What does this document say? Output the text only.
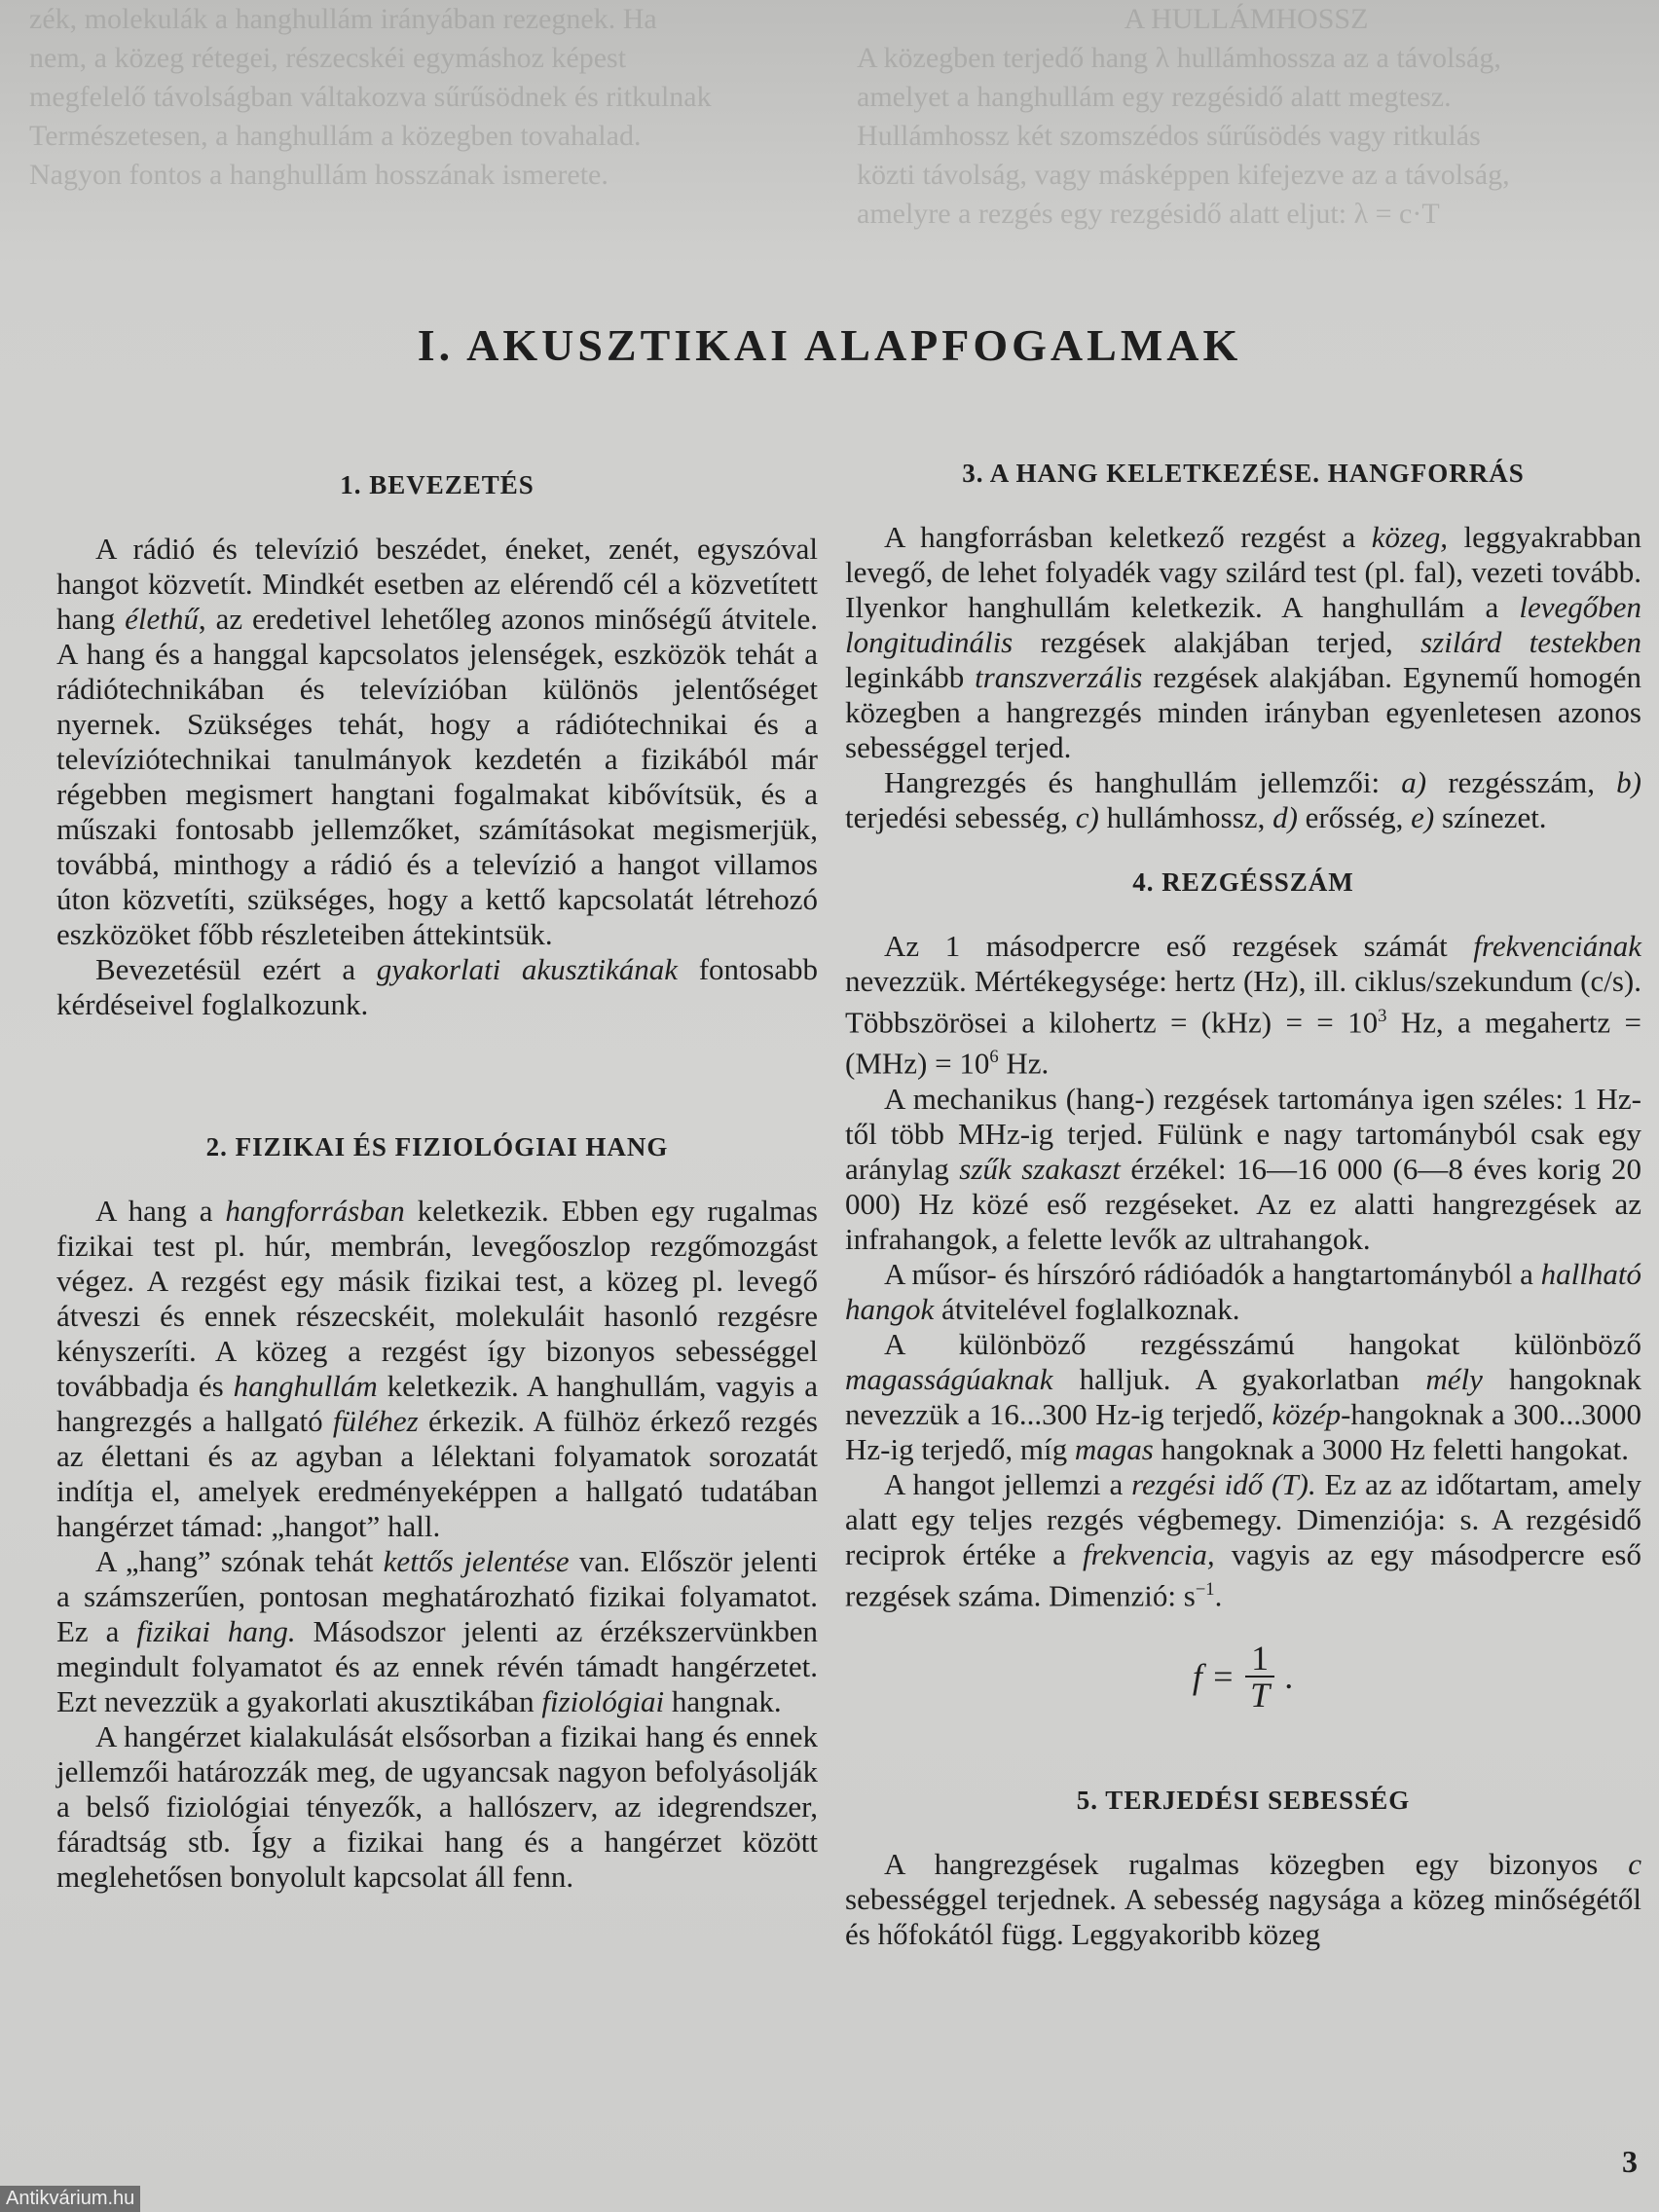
zék, molekulák a hanghullám irányában rezegnek. Ha
nem, a közeg rétegei, részecskéi egymáshoz képest
megfelelő távolságban váltakozva sűrűsödnek és ritkulnak
Természetesen, a hanghullám a közegben tovahalad.
Nagyon fontos a hanghullám hosszának ismerete.
A HULLÁMHOSSZ
A közegben terjedő hang λ hullámhossza az a távolság,
amelyet a hanghullám egy rezgésidő alatt megtesz.
Hullámhossz két szomszédos sűrűsödés vagy ritkulás
közti távolság, vagy másképpen kifejezve az a távolság,
amelyre a rezgés egy rezgésidő alatt eljut: λ = c·T
I. AKUSZTIKAI ALAPFOGALMAK
1. BEVEZETÉS

A rádió és televízió beszédet, éneket, zenét, egyszóval hangot közvetít. Mindkét esetben az elérendő cél a közvetített hang élethű, az eredetivel lehetőleg azonos minőségű átvitele. A hang és a hanggal kapcsolatos jelenségek, eszközök tehát a rádiótechnikában és televízióban különös jelentőséget nyernek. Szükséges tehát, hogy a rádiótechnikai és a televíziótechnikai tanulmányok kezdetén a fizikából már régebben megismert hangtani fogalmakat kibővítsük, és a műszaki fontosabb jellemzőket, számításokat megismerjük, továbbá, minthogy a rádió és a televízió a hangot villamos úton közvetíti, szükséges, hogy a kettő kapcsolatát létrehozó eszközöket főbb részleteiben áttekintsük.

Bevezetésül ezért a gyakorlati akusztikának fontosabb kérdéseivel foglalkozunk.

2. FIZIKAI ÉS FIZIOLÓGIAI HANG

A hang a hangforrásban keletkezik. Ebben egy rugalmas fizikai test pl. húr, membrán, levegőoszlop rezgőmozgást végez. A rezgést egy másik fizikai test, a közeg pl. levegő átveszi és ennek részecskéit, molekuláit hasonló rezgésre kényszeríti. A közeg a rezgést így bizonyos sebességgel továbbadja és hanghullám keletkezik. A hanghullám, vagyis a hangrezgés a hallgató füléhez érkezik. A fülhöz érkező rezgés az élettani és az agyban a lélektani folyamatok sorozatát indítja el, amelyek eredményeképpen a hallgató tudatában hangérzet támad: „hangot” hall.

A „hang” szónak tehát kettős jelentése van. Először jelenti a számszerűen, pontosan meghatározható fizikai folyamatot. Ez a fizikai hang. Másodszor jelenti az érzékszervünkben megindult folyamatot és az ennek révén támadt hangérzetet. Ezt nevezzük a gyakorlati akusztikában fiziológiai hangnak.

A hangérzet kialakulását elsősorban a fizikai hang és ennek jellemzői határozzák meg, de ugyancsak nagyon befolyásolják a belső fiziológiai tényezők, a hallószerv, az idegrendszer, fáradtság stb. Így a fizikai hang és a hangérzet között meglehetősen bonyolult kapcsolat áll fenn.

3. A HANG KELETKEZÉSE. HANGFORRÁS

A hangforrásban keletkező rezgést a közeg, leggyakrabban levegő, de lehet folyadék vagy szilárd test (pl. fal), vezeti tovább. Ilyenkor hanghullám keletkezik. A hanghullám a levegőben longitudinális rezgések alakjában terjed, szilárd testekben leginkább transzverzális rezgések alakjában. Egynemű homogén közegben a hangrezgés minden irányban egyenletesen azonos sebességgel terjed.

Hangrezgés és hanghullám jellemzői: a) rezgésszám, b) terjedési sebesség, c) hullámhossz, d) erősség, e) színezet.

4. REZGÉSSZÁM

Az 1 másodpercre eső rezgések számát frekvenciának nevezzük. Mértékegysége: hertz (Hz), ill. ciklus/szekundum (c/s). Többszörösei a kilohertz = (kHz) = = $10^3$ Hz, a megahertz = $(MHz) = 10^6$ Hz.

A mechanikus (hang-) rezgések tartománya igen széles: 1 Hz-től több MHz-ig terjed. Fülünk e nagy tartományból csak egy aránylag szűk szakaszt érzékel: 16—16 000 (6—8 éves korig 20 000) Hz közé eső rezgéseket. Az ez alatti hangrezgések az infrahangok, a felette levők az ultrahangok.

A műsor- és hírszóró rádióadók a hangtartományból a hallható hangok átvitelével foglalkoznak.

A különböző rezgésszámú hangokat különböző magasságúaknak halljuk. A gyakorlatban mély hangoknak nevezzük a 16...300 Hz-ig terjedő, közép-hangoknak a 300...3000 Hz-ig terjedő, míg magas hangoknak a 3000 Hz feletti hangokat.

A hangot jellemzi a rezgési idő (T). Ez az az időtartam, amely alatt egy teljes rezgés végbemegy. Dimenziója: s. A rezgésidő reciprok értéke a frekvencia, vagyis az egy másodpercre eső rezgések száma. Dimenzió: $s^{-1}$.

$f = \frac{1}{T}$ .
5. TERJEDÉSI SEBESSÉG

A hangrezgések rugalmas közegben egy bizonyos c sebességgel terjednek. A sebesség nagysága a közeg minőségétől és hőfokától függ. Leggyakoribb közeg

3
Antikvárium.hu
